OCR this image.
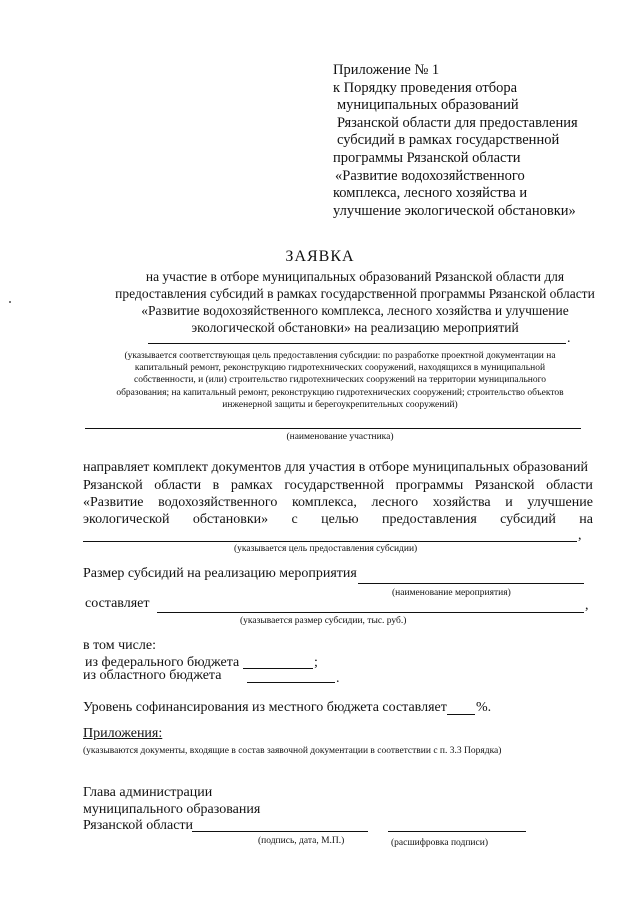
Приложение № 1
к Порядку проведения отбора
муниципальных образований
Рязанской области для предоставления
субсидий в рамках государственной
программы Рязанской области
«Развитие водохозяйственного
комплекса, лесного хозяйства и
улучшение экологической обстановки»
ЗАЯВКА
на участие в отборе муниципальных образований Рязанской области для
предоставления субсидий в рамках государственной программы Рязанской области
«Развитие водохозяйственного комплекса, лесного хозяйства и улучшение
экологической обстановки» на реализацию мероприятий
.
(указывается соответствующая цель предоставления субсидии: по разработке проектной документации на
капитальный ремонт, реконструкцию гидротехнических сооружений, находящихся в муниципальной
собственности, и (или) строительство гидротехнических сооружений на территории муниципального
образования; на капитальный ремонт, реконструкцию гидротехнических сооружений; строительство объектов
инженерной защиты и берегоукрепительных сооружений)
(наименование участника)
направляет комплект документов для участия в отборе муниципальных образований
Рязанской области в рамках государственной программы Рязанской области
«Развитие водохозяйственного комплекса, лесного хозяйства и улучшение
экологической обстановки» с целью предоставления субсидий на
,
(указывается цель предоставления субсидии)
Размер субсидий на реализацию мероприятия
(наименование мероприятия)
составляет	,
(указывается размер субсидии, тыс. руб.)
в том числе:
из федерального бюджета	;
из областного бюджета	.
Уровень софинансирования из местного бюджета составляет %.
Приложения:
(указываются документы, входящие в состав заявочной документации в соответствии с п. 3.3 Порядка)
Глава администрации
муниципального образования
Рязанской области
(подпись, дата, М.П.)	(расшифровка подписи)
